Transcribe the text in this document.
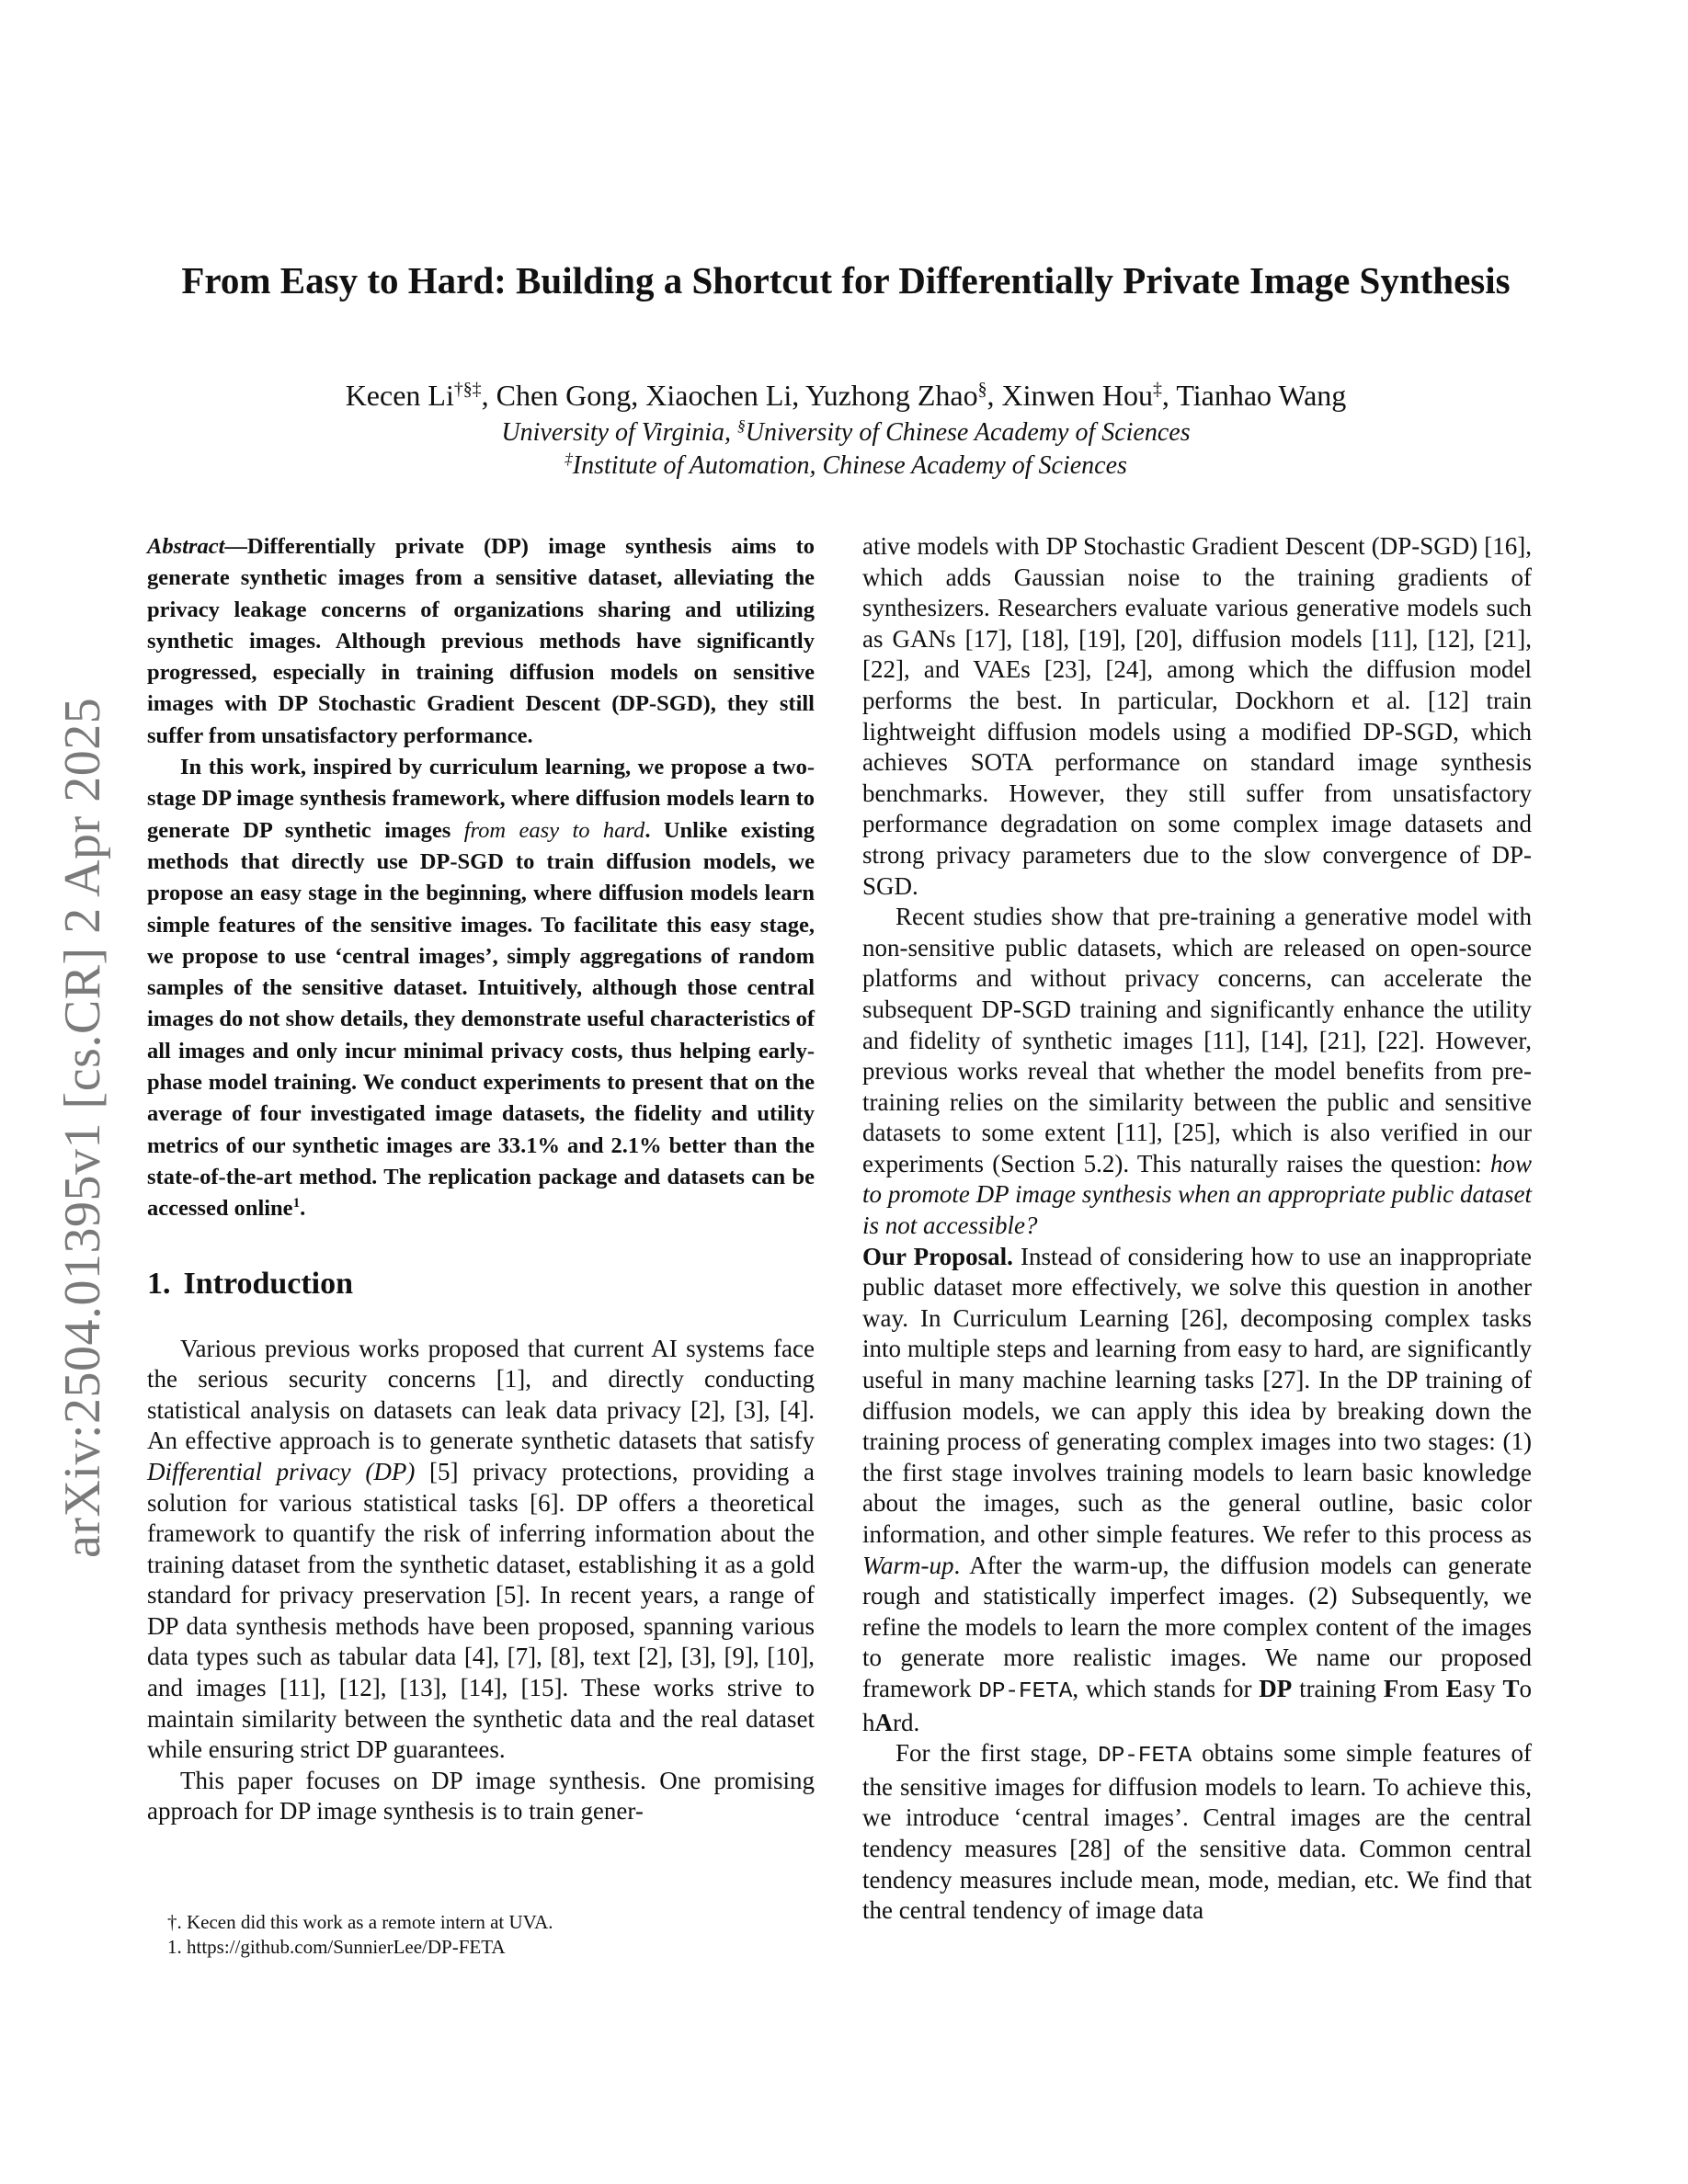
arXiv:2504.01395v1 [cs.CR] 2 Apr 2025
From Easy to Hard: Building a Shortcut for Differentially Private Image Synthesis
Kecen Li†§‡, Chen Gong, Xiaochen Li, Yuzhong Zhao§, Xinwen Hou‡, Tianhao Wang
University of Virginia, §University of Chinese Academy of Sciences
‡Institute of Automation, Chinese Academy of Sciences

Abstract—Differentially private (DP) image synthesis aims to generate synthetic images from a sensitive dataset, alleviating the privacy leakage concerns of organizations sharing and utilizing synthetic images. Although previous methods have significantly progressed, especially in training diffusion models on sensitive images with DP Stochastic Gradient Descent (DP-SGD), they still suffer from unsatisfactory performance.

In this work, inspired by curriculum learning, we propose a two-stage DP image synthesis framework, where diffusion models learn to generate DP synthetic images from easy to hard. Unlike existing methods that directly use DP-SGD to train diffusion models, we propose an easy stage in the beginning, where diffusion models learn simple features of the sensitive images. To facilitate this easy stage, we propose to use ‘central images’, simply aggregations of random samples of the sensitive dataset. Intuitively, although those central images do not show details, they demonstrate useful characteristics of all images and only incur minimal privacy costs, thus helping early-phase model training. We conduct experiments to present that on the average of four investigated image datasets, the fidelity and utility metrics of our synthetic images are 33.1% and 2.1% better than the state-of-the-art method. The replication package and datasets can be accessed online$^1$.

1. Introduction

Various previous works proposed that current AI systems face the serious security concerns [1], and directly conducting statistical analysis on datasets can leak data privacy [2], [3], [4]. An effective approach is to generate synthetic datasets that satisfy Differential privacy (DP) [5] privacy protections, providing a solution for various statistical tasks [6]. DP offers a theoretical framework to quantify the risk of inferring information about the training dataset from the synthetic dataset, establishing it as a gold standard for privacy preservation [5]. In recent years, a range of DP data synthesis methods have been proposed, spanning various data types such as tabular data [4], [7], [8], text [2], [3], [9], [10], and images [11], [12], [13], [14], [15]. These works strive to maintain similarity between the synthetic data and the real dataset while ensuring strict DP guarantees.

This paper focuses on DP image synthesis. One promising approach for DP image synthesis is to train gener-

ative models with DP Stochastic Gradient Descent (DP-SGD) [16], which adds Gaussian noise to the training gradients of synthesizers. Researchers evaluate various generative models such as GANs [17], [18], [19], [20], diffusion models [11], [12], [21], [22], and VAEs [23], [24], among which the diffusion model performs the best. In particular, Dockhorn et al. [12] train lightweight diffusion models using a modified DP-SGD, which achieves SOTA performance on standard image synthesis benchmarks. However, they still suffer from unsatisfactory performance degradation on some complex image datasets and strong privacy parameters due to the slow convergence of DP-SGD.

Recent studies show that pre-training a generative model with non-sensitive public datasets, which are released on open-source platforms and without privacy concerns, can accelerate the subsequent DP-SGD training and significantly enhance the utility and fidelity of synthetic images [11], [14], [21], [22]. However, previous works reveal that whether the model benefits from pre-training relies on the similarity between the public and sensitive datasets to some extent [11], [25], which is also verified in our experiments (Section 5.2). This naturally raises the question: how to promote DP image synthesis when an appropriate public dataset is not accessible?

Our Proposal. Instead of considering how to use an inappropriate public dataset more effectively, we solve this question in another way. In Curriculum Learning [26], decomposing complex tasks into multiple steps and learning from easy to hard, are significantly useful in many machine learning tasks [27]. In the DP training of diffusion models, we can apply this idea by breaking down the training process of generating complex images into two stages: (1) the first stage involves training models to learn basic knowledge about the images, such as the general outline, basic color information, and other simple features. We refer to this process as Warm-up. After the warm-up, the diffusion models can generate rough and statistically imperfect images. (2) Subsequently, we refine the models to learn the more complex content of the images to generate more realistic images. We name our proposed framework DP-FETA, which stands for DP training From Easy To hArd.

For the first stage, DP-FETA obtains some simple features of the sensitive images for diffusion models to learn. To achieve this, we introduce ‘central images’. Central images are the central tendency measures [28] of the sensitive data. Common central tendency measures include mean, mode, median, etc. We find that the central tendency of image data

†. Kecen did this work as a remote intern at UVA.
1. https://github.com/SunnierLee/DP-FETA
